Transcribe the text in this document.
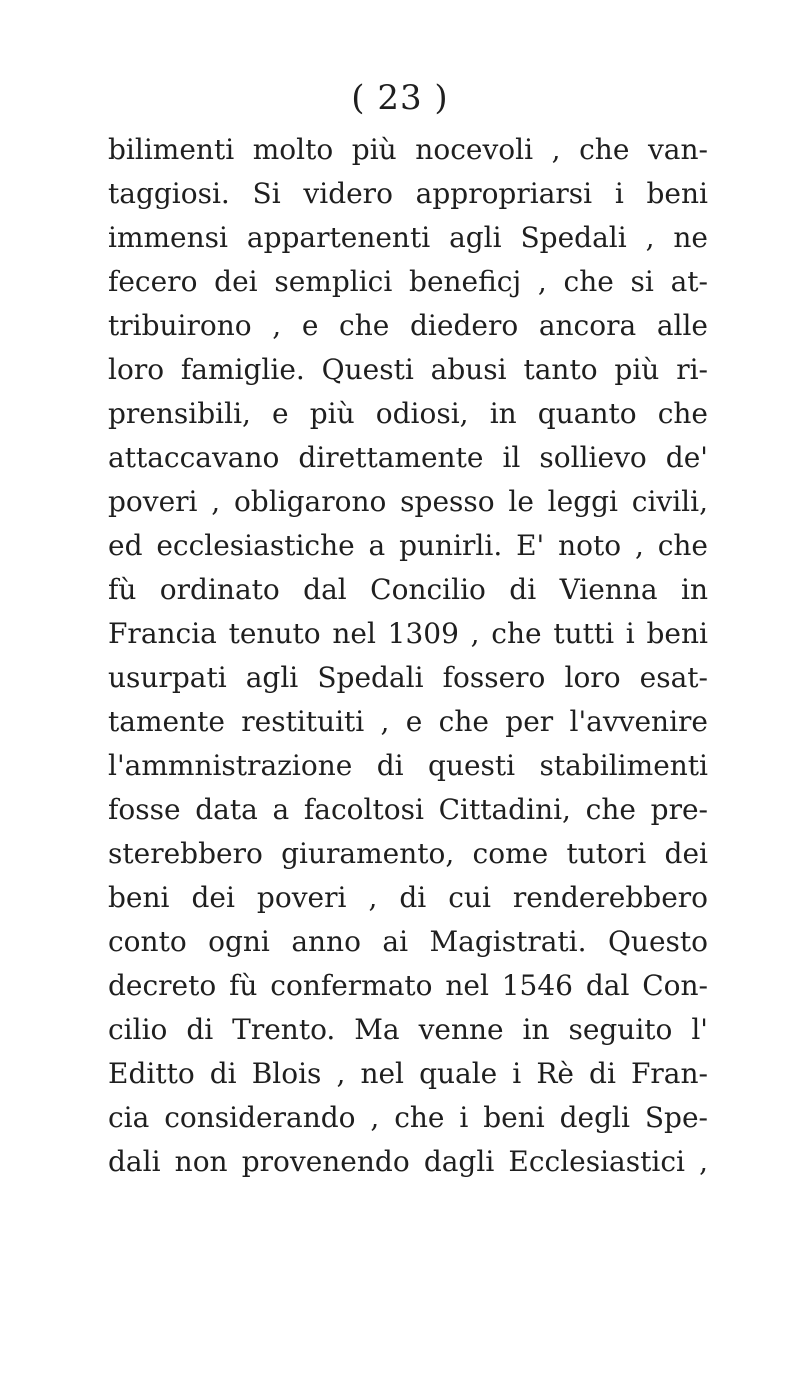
( 23 )
bilimenti molto più nocevoli , che van-
taggiosi. Si videro appropriarsi i beni
immensi appartenenti agli Spedali , ne
fecero dei semplici beneficj , che si at-
tribuirono , e che diedero ancora alle
loro famiglie. Questi abusi tanto più ri-
prensibili, e più odiosi, in quanto che
attaccavano direttamente il sollievo de'
poveri , obligarono spesso le leggi civili,
ed ecclesiastiche a punirli. E' noto , che
fù ordinato dal Concilio di Vienna in
Francia tenuto nel 1309 , che tutti i beni
usurpati agli Spedali fossero loro esat-
tamente restituiti , e che per l'avvenire
l'ammnistrazione di questi stabilimenti
fosse data a facoltosi Cittadini, che pre-
sterebbero giuramento, come tutori dei
beni dei poveri , di cui renderebbero
conto ogni anno ai Magistrati. Questo
decreto fù confermato nel 1546 dal Con-
cilio di Trento. Ma venne in seguito l'
Editto di Blois , nel quale i Rè di Fran-
cia considerando , che i beni degli Spe-
dali non provenendo dagli Ecclesiastici ,
